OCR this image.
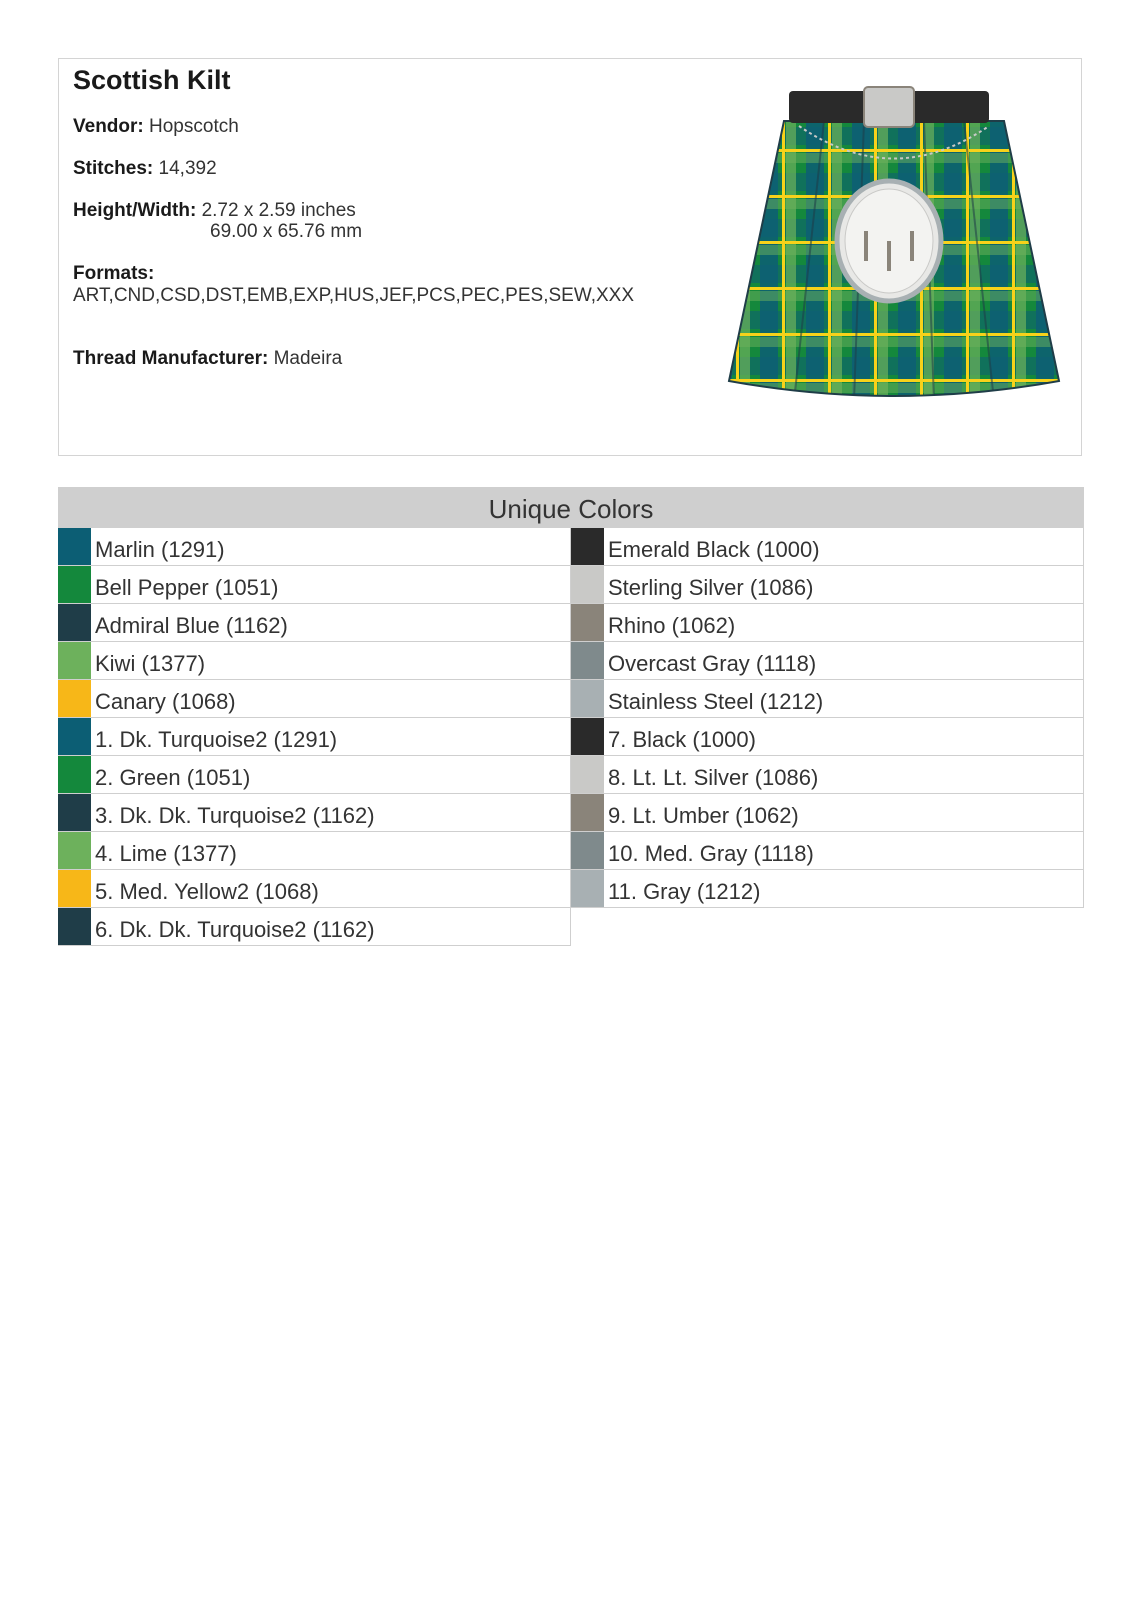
Scottish Kilt
Vendor: Hopscotch
Stitches: 14,392
Height/Width: 2.72 x 2.59 inches
69.00 x 65.76 mm
Formats:
ART,CND,CSD,DST,EMB,EXP,HUS,JEF,PCS,PEC,PES,SEW,XXX
Thread Manufacturer: Madeira
Unique Colors
Marlin (1291)
Bell Pepper (1051)
Admiral Blue (1162)
Kiwi (1377)
Canary (1068)
1. Dk. Turquoise2 (1291)
2. Green (1051)
3. Dk. Dk. Turquoise2 (1162)
4. Lime (1377)
5. Med. Yellow2 (1068)
6. Dk. Dk. Turquoise2 (1162)
Emerald Black (1000)
Sterling Silver (1086)
Rhino (1062)
Overcast Gray (1118)
Stainless Steel (1212)
7. Black (1000)
8. Lt. Lt. Silver (1086)
9. Lt. Umber (1062)
10. Med. Gray (1118)
11. Gray (1212)
